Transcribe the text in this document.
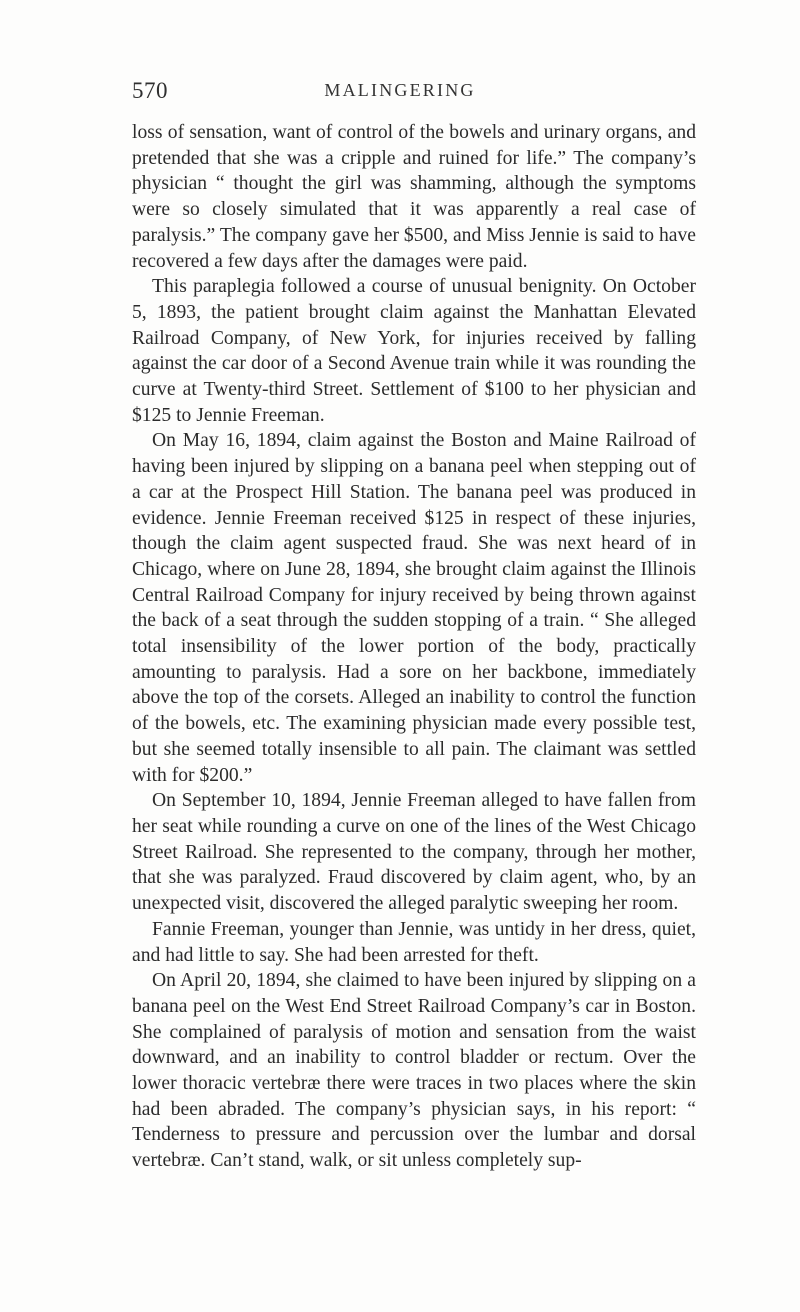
570	MALINGERING

loss of sensation, want of control of the bowels and urinary organs, and pretended that she was a cripple and ruined for life.” The company’s physician “ thought the girl was shamming, although the symptoms were so closely simulated that it was apparently a real case of paralysis.” The company gave her $500, and Miss Jennie is said to have recovered a few days after the damages were paid.

This paraplegia followed a course of unusual benignity. On October 5, 1893, the patient brought claim against the Manhattan Elevated Railroad Company, of New York, for injuries received by falling against the car door of a Second Avenue train while it was rounding the curve at Twenty-third Street. Settlement of $100 to her physician and $125 to Jennie Freeman.

On May 16, 1894, claim against the Boston and Maine Railroad of having been injured by slipping on a banana peel when stepping out of a car at the Prospect Hill Station. The banana peel was produced in evidence. Jennie Freeman received $125 in respect of these injuries, though the claim agent suspected fraud. She was next heard of in Chicago, where on June 28, 1894, she brought claim against the Illinois Central Railroad Company for injury received by being thrown against the back of a seat through the sudden stopping of a train. “ She alleged total insensibility of the lower portion of the body, practically amounting to paralysis. Had a sore on her backbone, immediately above the top of the corsets. Alleged an inability to control the function of the bowels, etc. The examining physician made every possible test, but she seemed totally insensible to all pain. The claimant was settled with for $200.”

On September 10, 1894, Jennie Freeman alleged to have fallen from her seat while rounding a curve on one of the lines of the West Chicago Street Railroad. She represented to the company, through her mother, that she was paralyzed. Fraud discovered by claim agent, who, by an unexpected visit, discovered the alleged paralytic sweeping her room.

Fannie Freeman, younger than Jennie, was untidy in her dress, quiet, and had little to say. She had been arrested for theft.

On April 20, 1894, she claimed to have been injured by slipping on a banana peel on the West End Street Railroad Company’s car in Boston. She complained of paralysis of motion and sensation from the waist downward, and an inability to control bladder or rectum. Over the lower thoracic vertebræ there were traces in two places where the skin had been abraded. The company’s physician says, in his report: “ Tenderness to pressure and percussion over the lumbar and dorsal vertebræ. Can’t stand, walk, or sit unless completely sup-
